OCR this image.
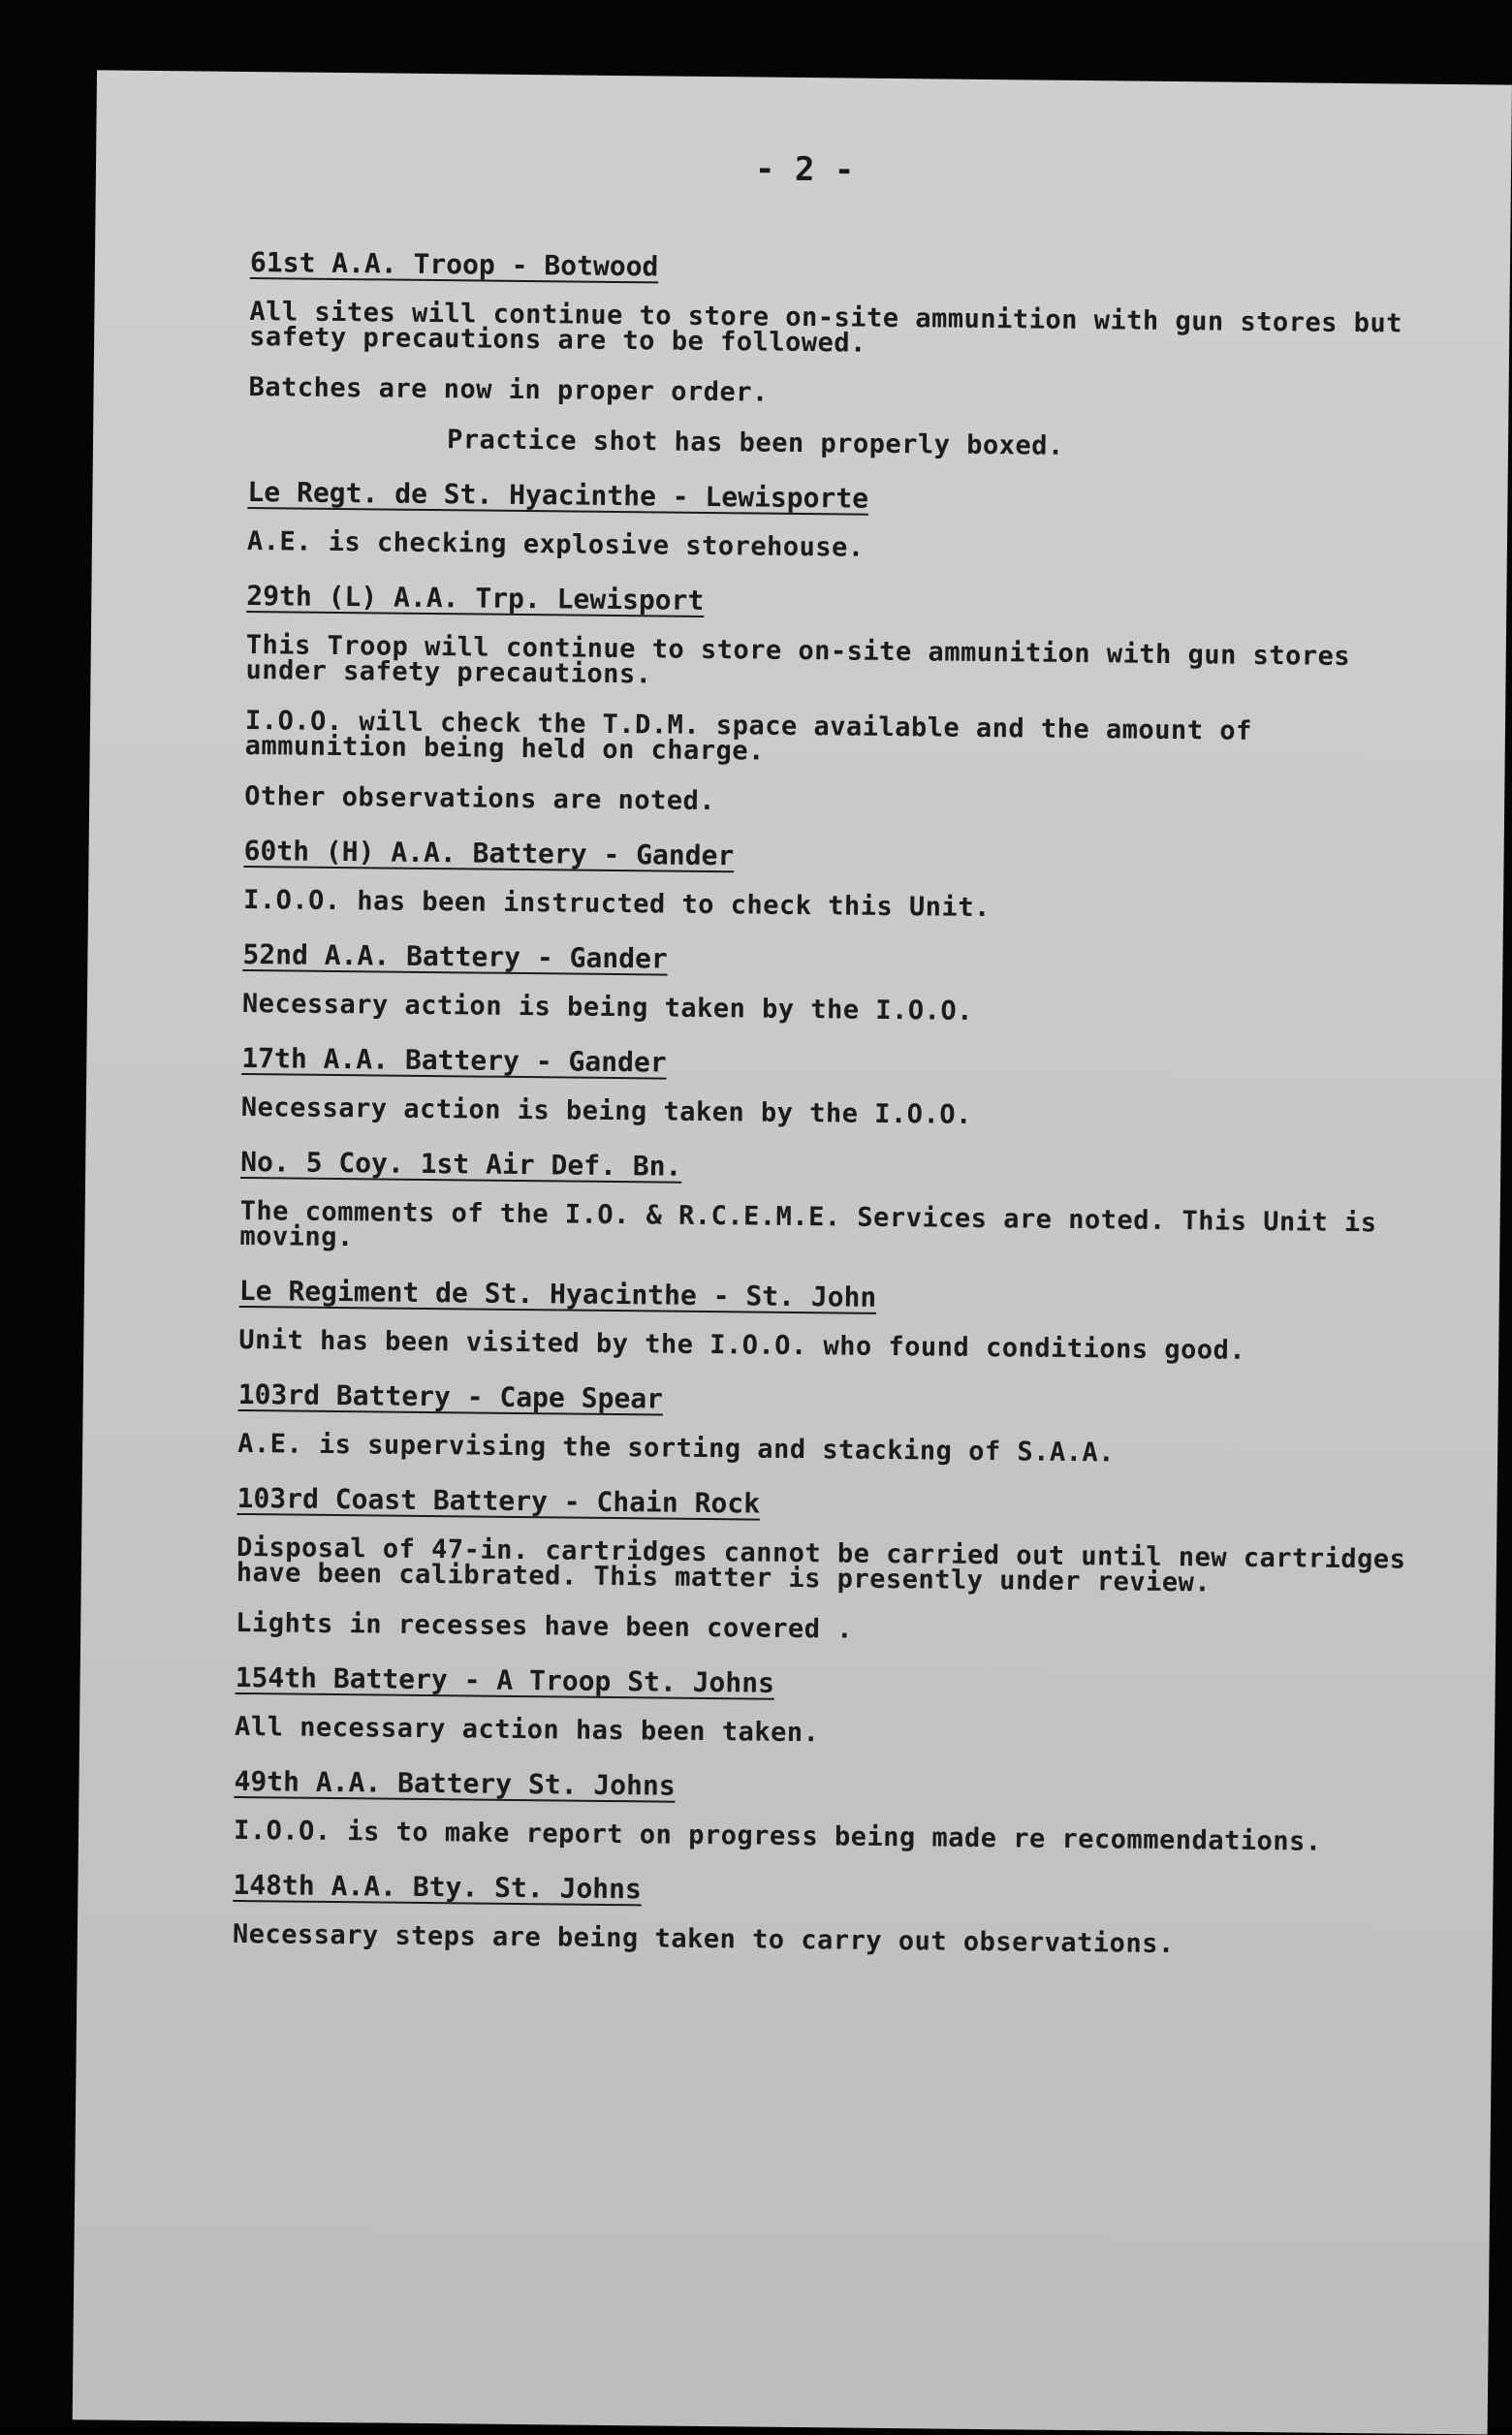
- 2 -
61st A.A. Troop - Botwood
All sites will continue to store on-site ammunition with gun stores but safety precautions are to be followed.
Batches are now in proper order.
Practice shot has been properly boxed.
Le Regt. de St. Hyacinthe - Lewisporte
A.E. is checking explosive storehouse.
29th (L) A.A. Trp. Lewisport
This Troop will continue to store on-site ammunition with gun stores under safety precautions.
I.O.O. will check the T.D.M. space available and the amount of ammunition being held on charge.
Other observations are noted.
60th (H) A.A. Battery - Gander
I.O.O. has been instructed to check this Unit.
52nd A.A. Battery - Gander
Necessary action is being taken by the I.O.O.
17th A.A. Battery - Gander
Necessary action is being taken by the I.O.O.
No. 5 Coy. 1st Air Def. Bn.
The comments of the I.O. & R.C.E.M.E. Services are noted. This Unit is moving.
Le Regiment de St. Hyacinthe - St. John
Unit has been visited by the I.O.O. who found conditions good.
103rd Battery - Cape Spear
A.E. is supervising the sorting and stacking of S.A.A.
103rd Coast Battery - Chain Rock
Disposal of 47-in. cartridges cannot be carried out until new cartridges have been calibrated. This matter is presently under review.
Lights in recesses have been covered .
154th Battery - A Troop St. Johns
All necessary action has been taken.
49th A.A. Battery St. Johns
I.O.O. is to make report on progress being made re recommendations.
148th A.A. Bty. St. Johns
Necessary steps are being taken to carry out observations.
